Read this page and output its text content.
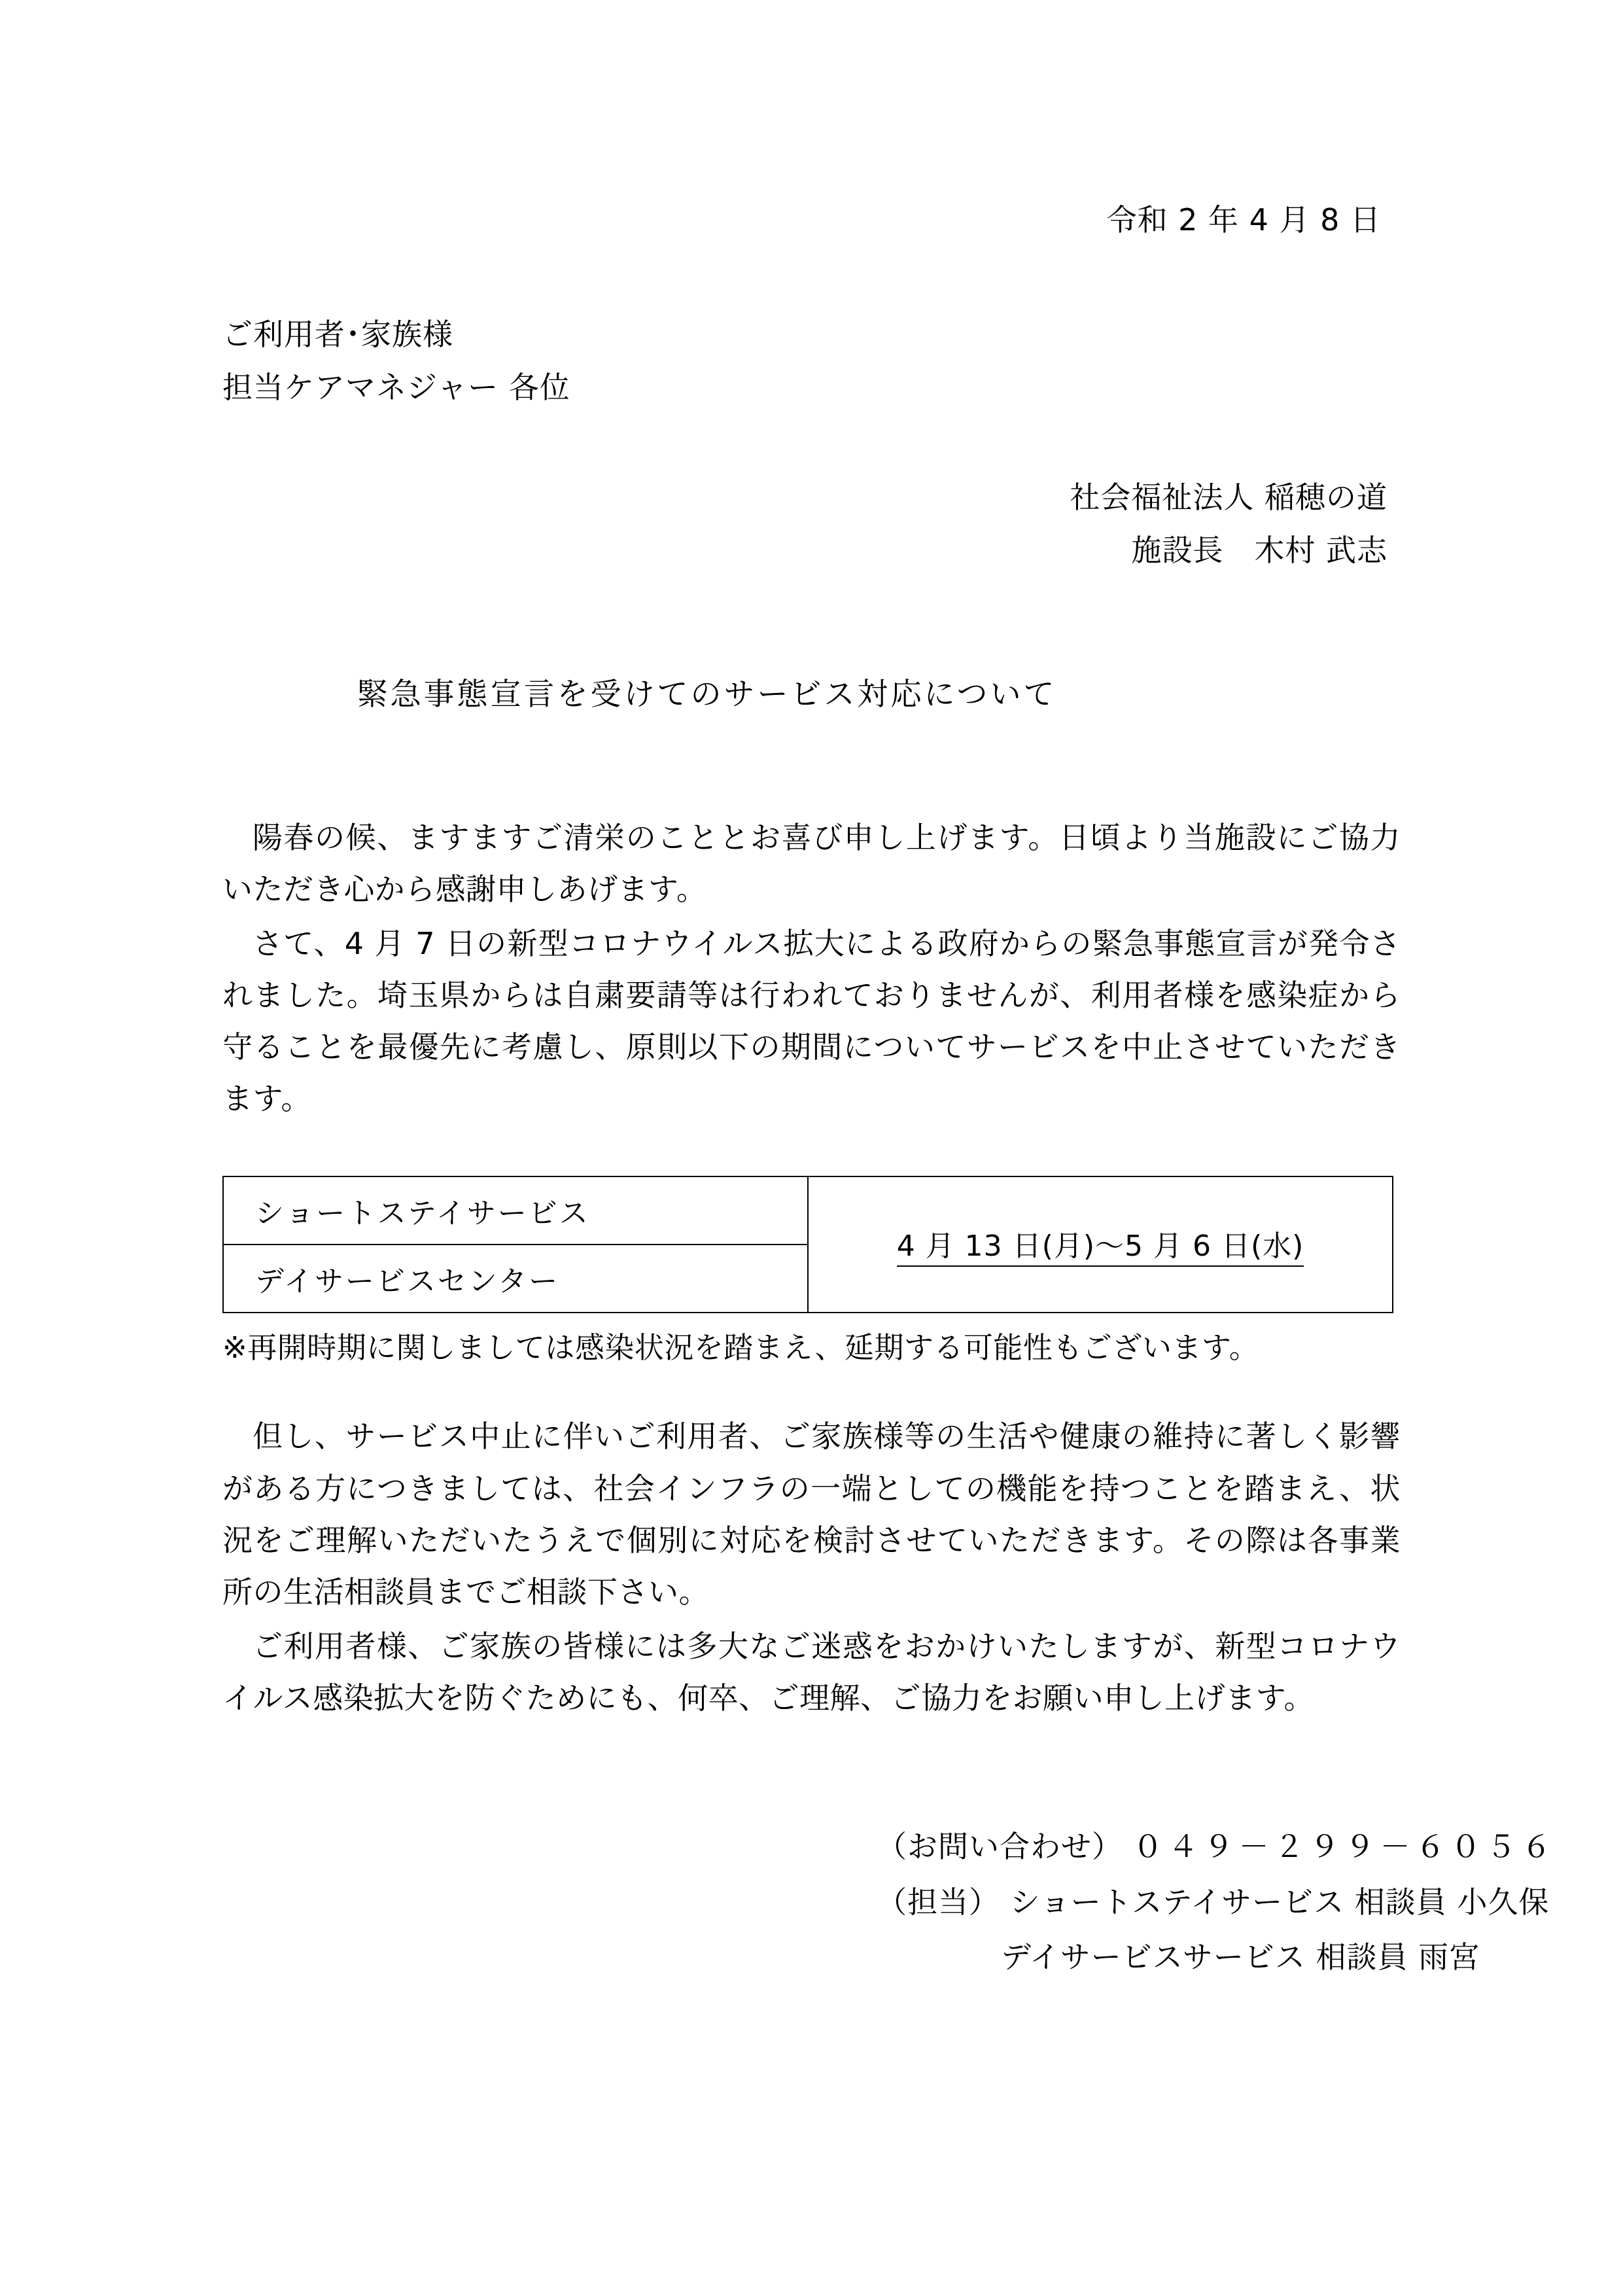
令和 2 年 4 月 8 日
ご利用者･家族様
担当ケアマネジャー 各位
社会福祉法人 稲穂の道
施設長　木村 武志
緊急事態宣言を受けてのサービス対応について

陽春の候、ますますご清栄のこととお喜び申し上げます。日頃より当施設にご協力いただき心から感謝申しあげます。

さて、4 月 7 日の新型コロナウイルス拡大による政府からの緊急事態宣言が発令されました。埼玉県からは自粛要請等は行われておりませんが、利用者様を感染症から守ることを最優先に考慮し、原則以下の期間についてサービスを中止させていただきます。

ショートステイサービス	4 月 13 日(月)～5 月 6 日(水)
デイサービスセンター
※再開時期に関しましては感染状況を踏まえ、延期する可能性もございます。

但し、サービス中止に伴いご利用者、ご家族様等の生活や健康の維持に著しく影響がある方につきましては、社会インフラの一端としての機能を持つことを踏まえ、状況をご理解いただいたうえで個別に対応を検討させていただきます。その際は各事業所の生活相談員までご相談下さい。

ご利用者様、ご家族の皆様には多大なご迷惑をおかけいたしますが、新型コロナウイルス感染拡大を防ぐためにも、何卒、ご理解、ご協力をお願い申し上げます。

（お問い合わせ） ０４９－２９９－６０５６
（担当） ショートステイサービス 相談員 小久保
デイサービスサービス 相談員 雨宮
